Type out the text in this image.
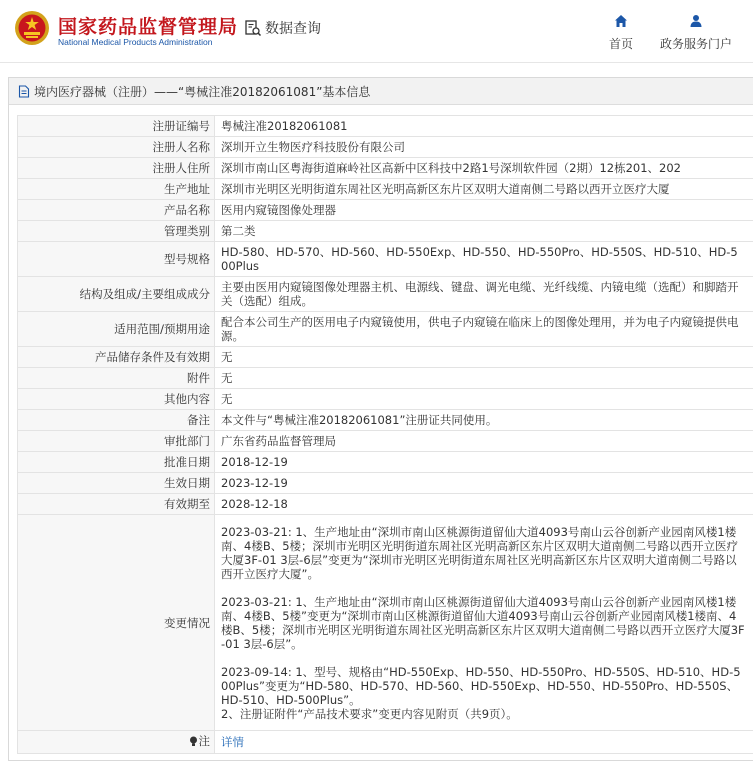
国家药品监督管理局
National Medical Products Administration
数据查询
首页	政务服务门户
境内医疗器械（注册）——“粤械注准20182061081”基本信息
注册证编号	粤械注准20182061081
注册人名称	深圳开立生物医疗科技股份有限公司
注册人住所	深圳市南山区粤海街道麻岭社区高新中区科技中2路1号深圳软件园（2期）12栋201、202
生产地址	深圳市光明区光明街道东周社区光明高新区东片区双明大道南侧二号路以西开立医疗大厦
产品名称	医用内窥镜图像处理器
管理类别	第二类
型号规格	HD-580、HD-570、HD-560、HD-550Exp、HD-550、HD-550Pro、HD-550S、HD-510、HD-500Plus
结构及组成/主要组成成分	主要由医用内窥镜图像处理器主机、电源线、键盘、调光电缆、光纤线缆、内镜电缆（选配）和脚踏开关（选配）组成。
适用范围/预期用途	配合本公司生产的医用电子内窥镜使用，供电子内窥镜在临床上的图像处理用，并为电子内窥镜提供电源。
产品储存条件及有效期	无
附件	无
其他内容	无
备注	本文件与“粤械注准20182061081”注册证共同使用。
审批部门	广东省药品监督管理局
批准日期	2018-12-19
生效日期	2023-12-19
有效期至	2028-12-18
变更情况	2023-03-21: 1、生产地址由“深圳市南山区桃源街道留仙大道4093号南山云谷创新产业园南风楼1楼南、4楼B、5楼；深圳市光明区光明街道东周社区光明高新区东片区双明大道南侧二号路以西开立医疗大厦3F-01 3层-6层”变更为“深圳市光明区光明街道东周社区光明高新区东片区双明大道南侧二号路以西开立医疗大厦”。

2023-03-21: 1、生产地址由“深圳市南山区桃源街道留仙大道4093号南山云谷创新产业园南风楼1楼南、4楼B、5楼”变更为“深圳市南山区桃源街道留仙大道4093号南山云谷创新产业园南风楼1楼南、4楼B、5楼；深圳市光明区光明街道东周社区光明高新区东片区双明大道南侧二号路以西开立医疗大厦3F-01 3层-6层”。

2023-09-14: 1、型号、规格由“HD-550Exp、HD-550、HD-550Pro、HD-550S、HD-510、HD-500Plus”变更为“HD-580、HD-570、HD-560、HD-550Exp、HD-550、HD-550Pro、HD-550S、HD-510、HD-500Plus”。
2、注册证附件“产品技术要求”变更内容见附页（共9页）。

注	详情
